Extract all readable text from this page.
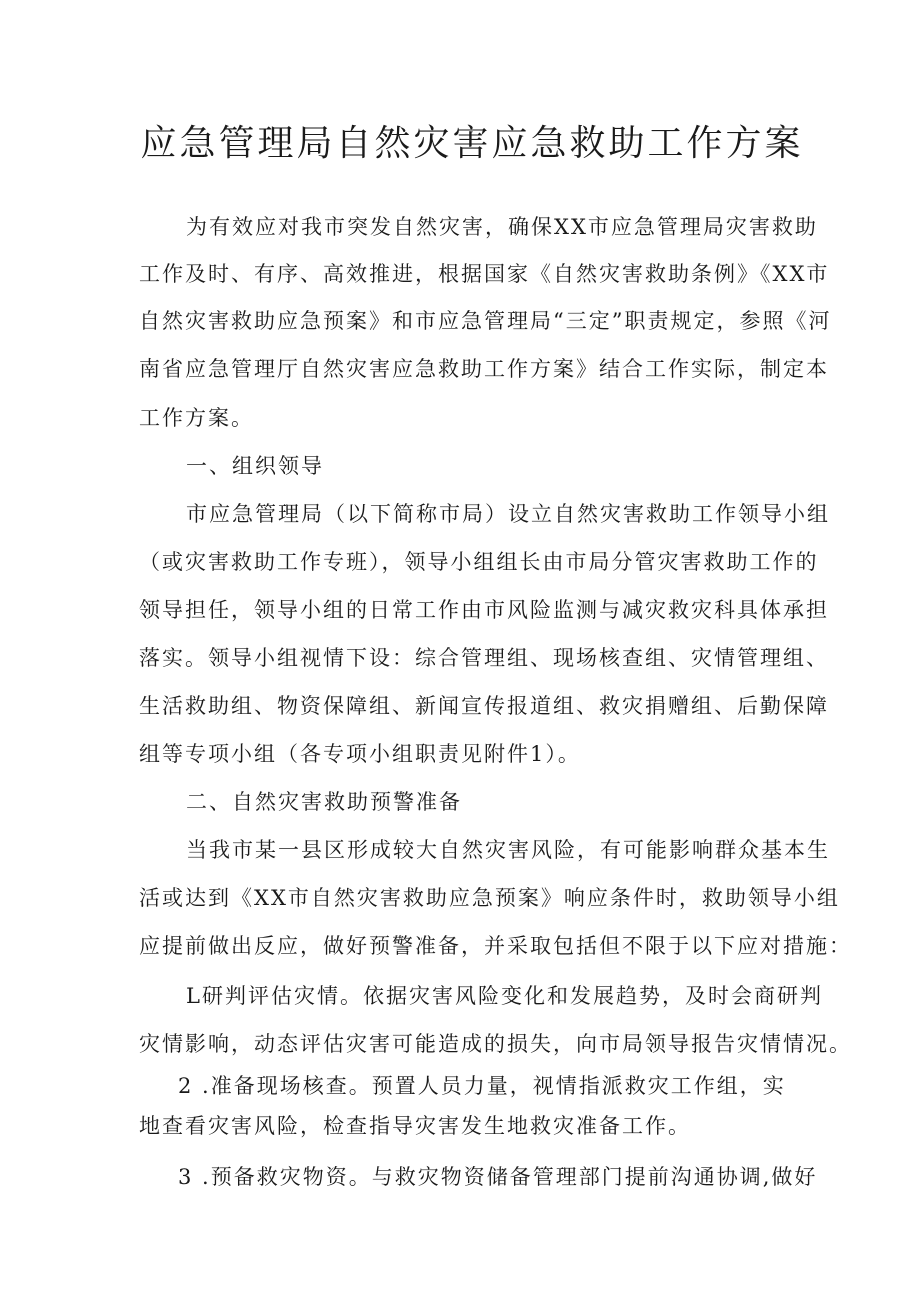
应急管理局自然灾害应急救助工作方案
为有效应对我市突发自然灾害，确保XX市应急管理局灾害救助
工作及时、有序、高效推进，根据国家《自然灾害救助条例》《XX市
自然灾害救助应急预案》和市应急管理局“三定”职责规定，参照《河
南省应急管理厅自然灾害应急救助工作方案》结合工作实际，制定本
工作方案。
一、组织领导
市应急管理局（以下简称市局）设立自然灾害救助工作领导小组
（或灾害救助工作专班），领导小组组长由市局分管灾害救助工作的
领导担任，领导小组的日常工作由市风险监测与减灾救灾科具体承担
落实。领导小组视情下设：综合管理组、现场核查组、灾情管理组、
生活救助组、物资保障组、新闻宣传报道组、救灾捐赠组、后勤保障
组等专项小组（各专项小组职责见附件1）。
二、自然灾害救助预警准备
当我市某一县区形成较大自然灾害风险，有可能影响群众基本生
活或达到《XX市自然灾害救助应急预案》响应条件时，救助领导小组
应提前做出反应，做好预警准备，并采取包括但不限于以下应对措施：
L研判评估灾情。依据灾害风险变化和发展趋势，及时会商研判
灾情影响，动态评估灾害可能造成的损失，向市局领导报告灾情情况。
2 .准备现场核查。预置人员力量，视情指派救灾工作组，实
地查看灾害风险，检查指导灾害发生地救灾准备工作。
3 .预备救灾物资。与救灾物资储备管理部门提前沟通协调,做好
